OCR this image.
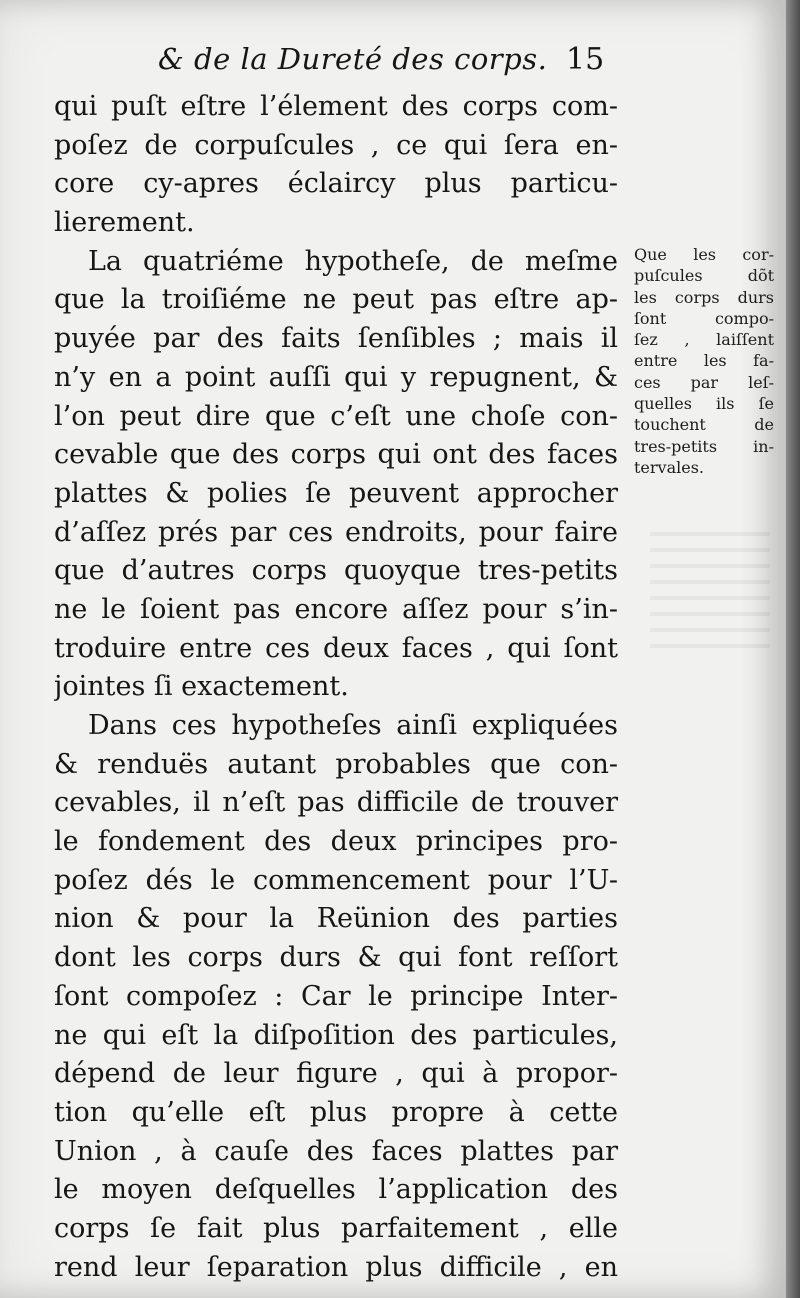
& de la Dureté des corps. 15
qui puſt eſtre l’élement des corps com-
poſez de corpuſcules , ce qui ſera en-
core cy-apres éclaircy plus particu-
lierement.
La quatriéme hypotheſe, de meſme
que la troiſiéme ne peut pas eſtre ap-
puyée par des faits ſenſibles ; mais il
n’y en a point auſſi qui y repugnent, &
l’on peut dire que c’eſt une choſe con-
cevable que des corps qui ont des faces
plattes & polies ſe peuvent approcher
d’aſſez prés par ces endroits, pour faire
que d’autres corps quoyque tres-petits
ne le ſoient pas encore aſſez pour s’in-
troduire entre ces deux faces , qui ſont
jointes ſi exactement.
Dans ces hypotheſes ainſi expliquées
& renduës autant probables que con-
cevables, il n’eſt pas difficile de trouver
le fondement des deux principes pro-
poſez dés le commencement pour l’U-
nion & pour la Reünion des parties
dont les corps durs & qui font reſſort
ſont compoſez : Car le principe Inter-
ne qui eſt la diſpoſition des particules,
dépend de leur figure , qui à propor-
tion qu’elle eſt plus propre à cette
Union , à cauſe des faces plattes par
le moyen deſquelles l’application des
corps ſe fait plus parfaitement , elle
rend leur ſeparation plus difficile , en
Que les cor-
puſcules dõt
les corps durs
ſont compo-
ſez , laiſſent
entre les fa-
ces par leſ-
quelles ils ſe
touchent de
tres-petits in-
tervales.
